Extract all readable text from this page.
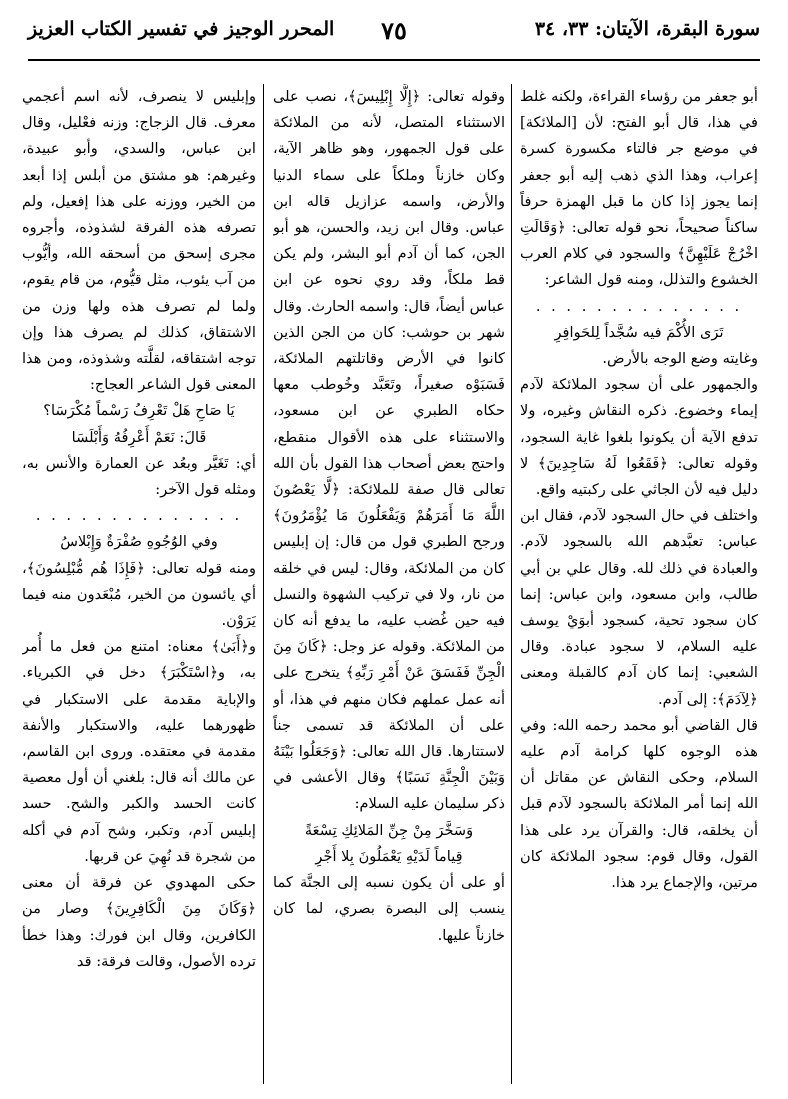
سورة البقرة، الآيتان: ٣٣، ٣٤
٧٥
المحرر الوجيز في تفسير الكتاب العزيز

أبو جعفر من رؤساء القراءة، ولكنه غلط في هذا، قال أبو الفتح: لأن [الملائكة] في موضع جر فالتاء مكسورة كسرة إعراب، وهذا الذي ذهب إليه أبو جعفر إنما يجوز إذا كان ما قبل الهمزة حرفاً ساكناً صحيحاً، نحو قوله تعالى: ﴿وَقَالَتِ اخْرُجْ عَلَيْهِنَّ﴾ والسجود في كلام العرب الخشوع والتذلل، ومنه قول الشاعر:

. . . . . . . . . . . . . .

تَرَى الأُكْمَ فيه سُجَّداً لِلحَوافِرِ

وغايته وضع الوجه بالأرض.

والجمهور على أن سجود الملائكة لآدم إيماء وخضوع. ذكره النقاش وغيره، ولا تدفع الآية أن يكونوا بلغوا غاية السجود، وقوله تعالى: ﴿فَقَعُوا لَهُ سَاجِدِينَ﴾ لا دليل فيه لأن الجاثي على ركبتيه واقع.

واختلف في حال السجود لآدم، فقال ابن عباس: تعبَّدهم الله بالسجود لآدم. والعبادة في ذلك لله. وقال علي بن أبي طالب، وابن مسعود، وابن عباس: إنما كان سجود تحية، كسجود أبوَيْ يوسف عليه السلام، لا سجود عبادة. وقال الشعبي: إنما كان آدم كالقبلة ومعنى ﴿لِآدَمَ﴾: إلى آدم.

قال القاضي أبو محمد رحمه الله: وفي هذه الوجوه كلها كرامة آدم عليه السلام، وحكى النقاش عن مقاتل أن الله إنما أمر الملائكة بالسجود لآدم قبل أن يخلقه، قال: والقرآن يرد على هذا القول، وقال قوم: سجود الملائكة كان مرتين، والإجماع يرد هذا.

وقوله تعالى: ﴿إِلَّا إِبْلِيسَ﴾، نصب على الاستثناء المتصل، لأنه من الملائكة على قول الجمهور، وهو ظاهر الآية، وكان خازناً وملكاً على سماء الدنيا والأرض، واسمه عزازيل قاله ابن عباس. وقال ابن زيد، والحسن، هو أبو الجن، كما أن آدم أبو البشر، ولم يكن قط ملكاً، وقد روي نحوه عن ابن عباس أيضاً، قال: واسمه الحارث. وقال شهر بن حوشب: كان من الجن الذين كانوا في الأرض وقاتلتهم الملائكة، فَسَبَوْه صغيراً، وتَعَبَّد وخُوطب معها حكاه الطبري عن ابن مسعود، والاستثناء على هذه الأقوال منقطع، واحتج بعض أصحاب هذا القول بأن الله تعالى قال صفة للملائكة: ﴿لَّا يَعْصُونَ اللَّهَ مَا أَمَرَهُمْ وَيَفْعَلُونَ مَا يُؤْمَرُونَ﴾ ورجح الطبري قول من قال: إن إبليس كان من الملائكة، وقال: ليس في خلقه من نار، ولا في تركيب الشهوة والنسل فيه حين غُضب عليه، ما يدفع أنه كان من الملائكة. وقوله عز وجل: ﴿كَانَ مِنَ الْجِنِّ فَفَسَقَ عَنْ أَمْرِ رَبِّهِ﴾ يتخرج على أنه عمل عملهم فكان منهم في هذا، أو على أن الملائكة قد تسمى جناً لاستتارها. قال الله تعالى: ﴿وَجَعَلُوا بَيْنَهُ وَبَيْنَ الْجِنَّةِ نَسَبًا﴾ وقال الأعشى في ذكر سليمان عليه السلام:

وَسَخَّرَ مِنْ جِنِّ المَلائِكِ تِسْعَةً

قِياماً لَدَيْهِ يَعْمَلُونَ بِلا أَجْرِ

أو على أن يكون نسبه إلى الجنَّة كما ينسب إلى البصرة بصري، لما كان خازناً عليها.

وإبليس لا ينصرف، لأنه اسم أعجمي معرف. قال الزجاج: وزنه فعْليل، وقال ابن عباس، والسدي، وأبو عبيدة، وغيرهم: هو مشتق من أبلس إذا أبعد من الخير، ووزنه على هذا إفعيل، ولم تصرفه هذه الفرقة لشذوذه، وأجروه مجرى إسحق من أسحقه الله، وأيُّوب من آب يئوب، مثل قيُّوم، من قام يقوم، ولما لم تصرف هذه ولها وزن من الاشتقاق، كذلك لم يصرف هذا وإن توجه اشتقاقه، لقلَّته وشذوذه، ومن هذا المعنى قول الشاعر العجاج:

يَا صَاحِ هَلْ تَعْرِفُ رَسْماً مُكْرَسَا؟

قَالَ: نَعَمْ أَعْرِفُهُ وَأَبْلَسَا

أي: تَغَيَّر وبعُد عن العمارة والأنس به، ومثله قول الآخر:

. . . . . . . . . . . . . .

وفي الوُجُوهِ صُفْرَةٌ وَإِبْلاسُ

ومنه قوله تعالى: ﴿فَإِذَا هُم مُّبْلِسُونَ﴾، أي يائسون من الخير، مُبْعَدون منه فيما يَرَوْن.

و﴿أَبَىٰ﴾ معناه: امتنع من فعل ما أُمر به، و﴿اسْتَكْبَرَ﴾ دخل في الكبرياء. والإباية مقدمة على الاستكبار في ظهورهما عليه، والاستكبار والأنفة مقدمة في معتقده. وروى ابن القاسم، عن مالك أنه قال: بلغني أن أول معصية كانت الحسد والكبر والشح. حسد إبليس آدم، وتكبر، وشح آدم في أكله من شجرة قد نُهِيَ عن قربها.

حكى المهدوي عن فرقة أن معنى ﴿وَكَانَ مِنَ الْكَافِرِينَ﴾ وصار من الكافرين، وقال ابن فورك: وهذا خطأ ترده الأصول، وقالت فرقة: قد
